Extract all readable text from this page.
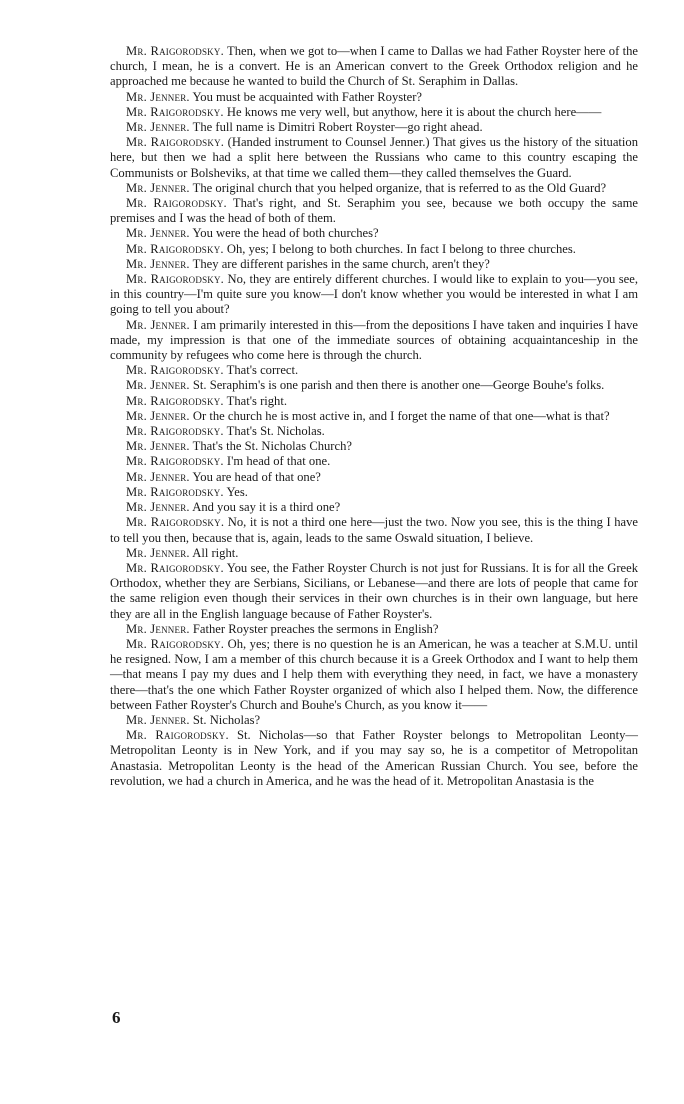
Mr. Raigorodsky. Then, when we got to—when I came to Dallas we had Father Royster here of the church, I mean, he is a convert. He is an American convert to the Greek Orthodox religion and he approached me because he wanted to build the Church of St. Seraphim in Dallas.

Mr. Jenner. You must be acquainted with Father Royster?

Mr. Raigorodsky. He knows me very well, but anythow, here it is about the church here——

Mr. Jenner. The full name is Dimitri Robert Royster—go right ahead.

Mr. Raigorodsky. (Handed instrument to Counsel Jenner.) That gives us the history of the situation here, but then we had a split here between the Russians who came to this country escaping the Communists or Bolsheviks, at that time we called them—they called themselves the Guard.

Mr. Jenner. The original church that you helped organize, that is referred to as the Old Guard?

Mr. Raigorodsky. That's right, and St. Seraphim you see, because we both occupy the same premises and I was the head of both of them.

Mr. Jenner. You were the head of both churches?

Mr. Raigorodsky. Oh, yes; I belong to both churches. In fact I belong to three churches.

Mr. Jenner. They are different parishes in the same church, aren't they?

Mr. Raigorodsky. No, they are entirely different churches. I would like to explain to you—you see, in this country—I'm quite sure you know—I don't know whether you would be interested in what I am going to tell you about?

Mr. Jenner. I am primarily interested in this—from the depositions I have taken and inquiries I have made, my impression is that one of the immediate sources of obtaining acquaintanceship in the community by refugees who come here is through the church.

Mr. Raigorodsky. That's correct.

Mr. Jenner. St. Seraphim's is one parish and then there is another one—George Bouhe's folks.

Mr. Raigorodsky. That's right.

Mr. Jenner. Or the church he is most active in, and I forget the name of that one—what is that?

Mr. Raigorodsky. That's St. Nicholas.

Mr. Jenner. That's the St. Nicholas Church?

Mr. Raigorodsky. I'm head of that one.

Mr. Jenner. You are head of that one?

Mr. Raigorodsky. Yes.

Mr. Jenner. And you say it is a third one?

Mr. Raigorodsky. No, it is not a third one here—just the two. Now you see, this is the thing I have to tell you then, because that is, again, leads to the same Oswald situation, I believe.

Mr. Jenner. All right.

Mr. Raigorodsky. You see, the Father Royster Church is not just for Russians. It is for all the Greek Orthodox, whether they are Serbians, Sicilians, or Lebanese—and there are lots of people that came for the same religion even though their services in their own churches is in their own language, but here they are all in the English language because of Father Royster's.

Mr. Jenner. Father Royster preaches the sermons in English?

Mr. Raigorodsky. Oh, yes; there is no question he is an American, he was a teacher at S.M.U. until he resigned. Now, I am a member of this church because it is a Greek Orthodox and I want to help them—that means I pay my dues and I help them with everything they need, in fact, we have a monastery there—that's the one which Father Royster organized of which also I helped them. Now, the difference between Father Royster's Church and Bouhe's Church, as you know it——

Mr. Jenner. St. Nicholas?

Mr. Raigorodsky. St. Nicholas—so that Father Royster belongs to Metropolitan Leonty—Metropolitan Leonty is in New York, and if you may say so, he is a competitor of Metropolitan Anastasia. Metropolitan Leonty is the head of the American Russian Church. You see, before the revolution, we had a church in America, and he was the head of it. Metropolitan Anastasia is the

6
